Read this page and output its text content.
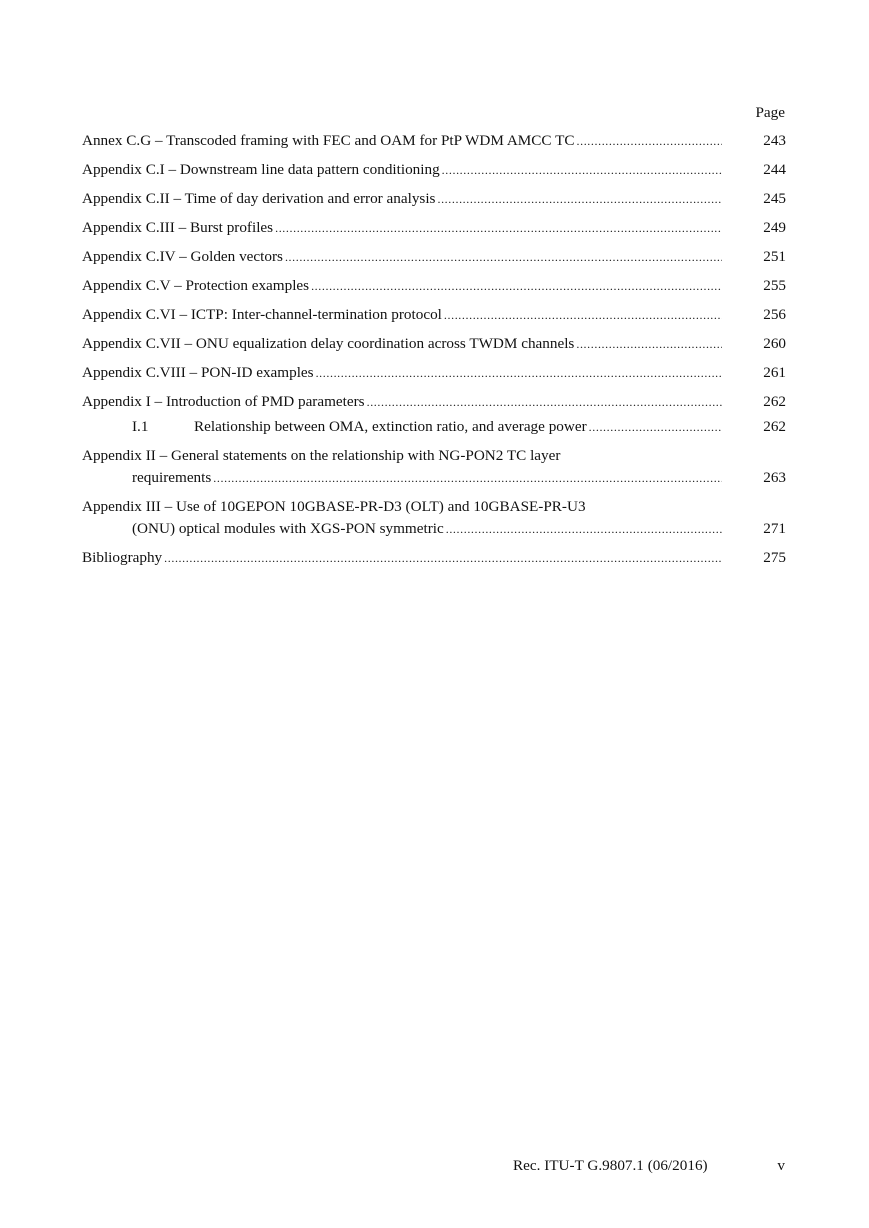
Page
Annex C.G – Transcoded framing with FEC and OAM for PtP WDM AMCC TC .....	243
Appendix C.I – Downstream line data pattern conditioning .....	244
Appendix C.II – Time of day derivation and error analysis .....	245
Appendix C.III – Burst profiles .....	249
Appendix C.IV – Golden vectors .....	251
Appendix C.V – Protection examples .....	255
Appendix C.VI – ICTP: Inter-channel-termination protocol .....	256
Appendix C.VII – ONU equalization delay coordination across TWDM channels .....	260
Appendix C.VIII – PON-ID examples .....	261
Appendix I – Introduction of PMD parameters .....	262
I.1	Relationship between OMA, extinction ratio, and average power .....	262
Appendix II – General statements on the relationship with NG-PON2 TC layer
requirements .....	263
Appendix III – Use of 10GEPON 10GBASE-PR-D3 (OLT) and 10GBASE-PR-U3
(ONU) optical modules with XGS-PON symmetric .....	271
Bibliography .....	275
Rec. ITU-T G.9807.1 (06/2016)	v
